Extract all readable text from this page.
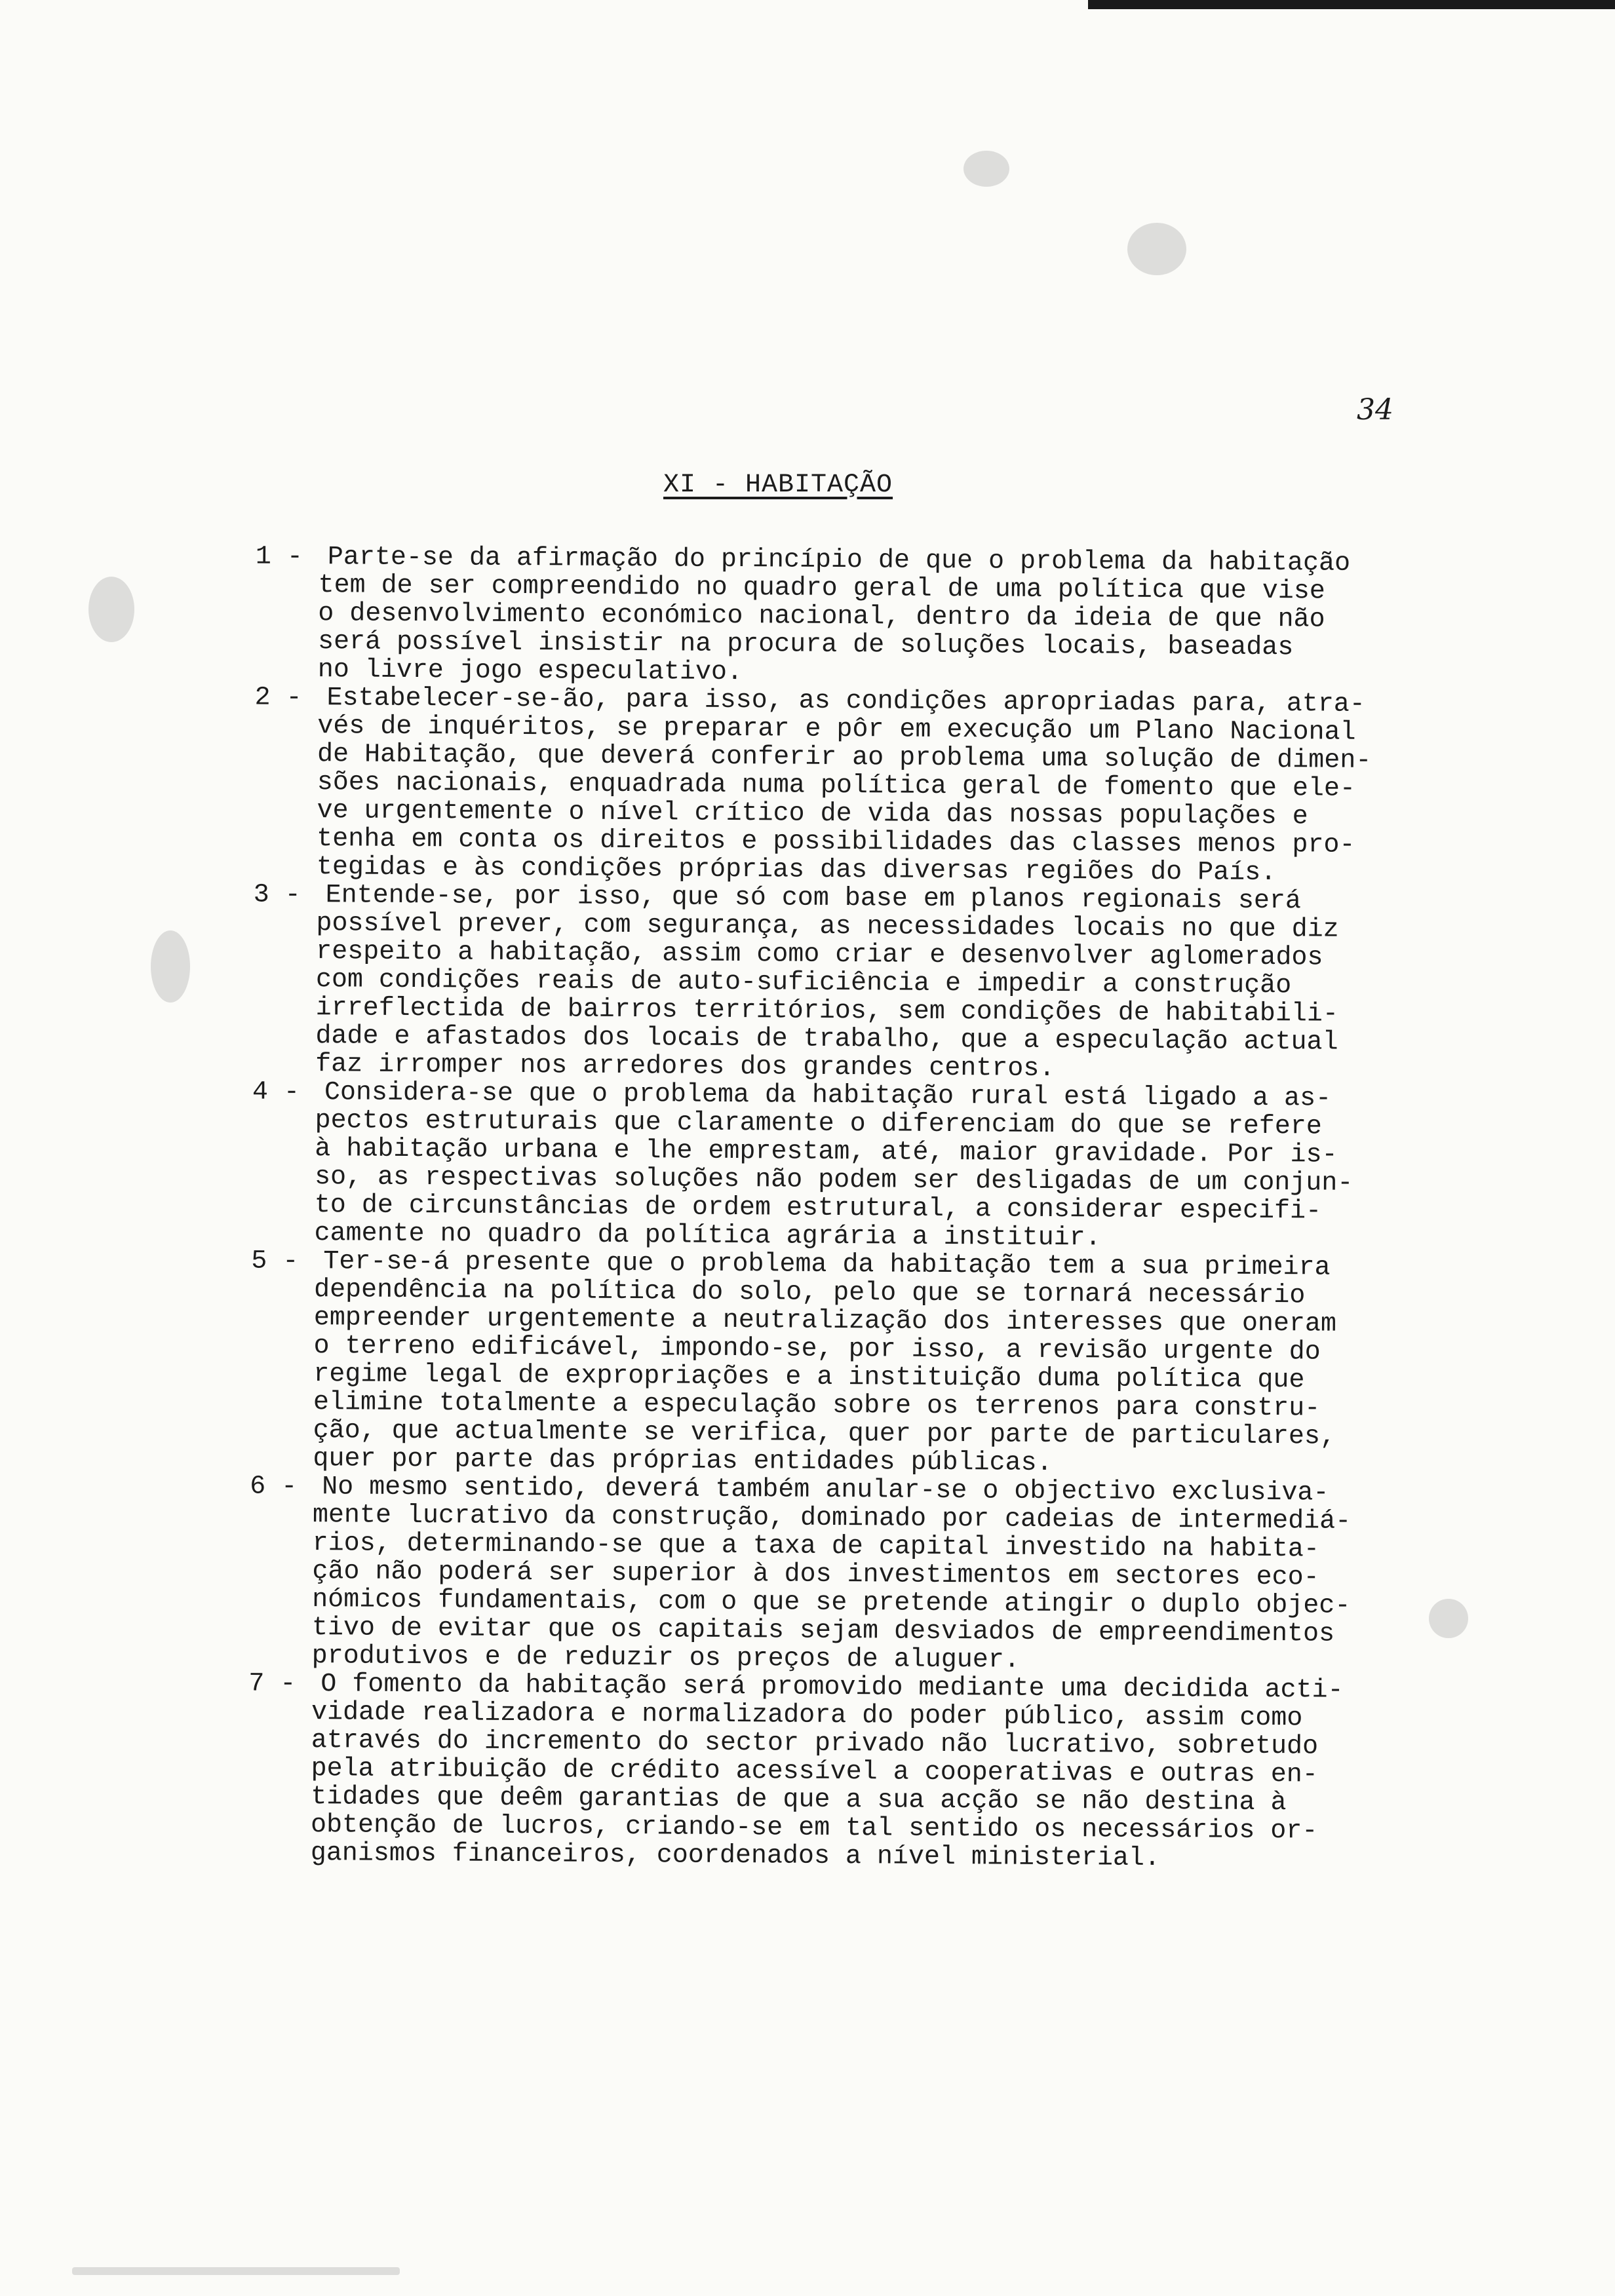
34
XI - HABITAÇÃO
1 - Parte-se da afirmação do princípio de que o problema da habitação
tem de ser compreendido no quadro geral de uma política que vise
o desenvolvimento económico nacional, dentro da ideia de que não
será possível insistir na procura de soluções locais, baseadas
no livre jogo especulativo.
2 - Estabelecer-se-ão, para isso, as condições apropriadas para, atra-
vés de inquéritos, se preparar e pôr em execução um Plano Nacional
de Habitação, que deverá conferir ao problema uma solução de dimen-
sões nacionais, enquadrada numa política geral de fomento que ele-
ve urgentemente o nível crítico de vida das nossas populações e
tenha em conta os direitos e possibilidades das classes menos pro-
tegidas e às condições próprias das diversas regiões do País.
3 - Entende-se, por isso, que só com base em planos regionais será
possível prever, com segurança, as necessidades locais no que diz
respeito a habitação, assim como criar e desenvolver aglomerados
com condições reais de auto-suficiência e impedir a construção
irreflectida de bairros territórios, sem condições de habitabili-
dade e afastados dos locais de trabalho, que a especulação actual
faz irromper nos arredores dos grandes centros.
4 - Considera-se que o problema da habitação rural está ligado a as-
pectos estruturais que claramente o diferenciam do que se refere
à habitação urbana e lhe emprestam, até, maior gravidade. Por is-
so, as respectivas soluções não podem ser desligadas de um conjun-
to de circunstâncias de ordem estrutural, a considerar especifi-
camente no quadro da política agrária a instituir.
5 - Ter-se-á presente que o problema da habitação tem a sua primeira
dependência na política do solo, pelo que se tornará necessário
empreender urgentemente a neutralização dos interesses que oneram
o terreno edificável, impondo-se, por isso, a revisão urgente do
regime legal de expropriações e a instituição duma política que
elimine totalmente a especulação sobre os terrenos para constru-
ção, que actualmente se verifica, quer por parte de particulares,
quer por parte das próprias entidades públicas.
6 - No mesmo sentido, deverá também anular-se o objectivo exclusiva-
mente lucrativo da construção, dominado por cadeias de intermediá-
rios, determinando-se que a taxa de capital investido na habita-
ção não poderá ser superior à dos investimentos em sectores eco-
nómicos fundamentais, com o que se pretende atingir o duplo objec-
tivo de evitar que os capitais sejam desviados de empreendimentos
produtivos e de reduzir os preços de aluguer.
7 - O fomento da habitação será promovido mediante uma decidida acti-
vidade realizadora e normalizadora do poder público, assim como
através do incremento do sector privado não lucrativo, sobretudo
pela atribuição de crédito acessível a cooperativas e outras en-
tidades que deêm garantias de que a sua acção se não destina à
obtenção de lucros, criando-se em tal sentido os necessários or-
ganismos financeiros, coordenados a nível ministerial.
